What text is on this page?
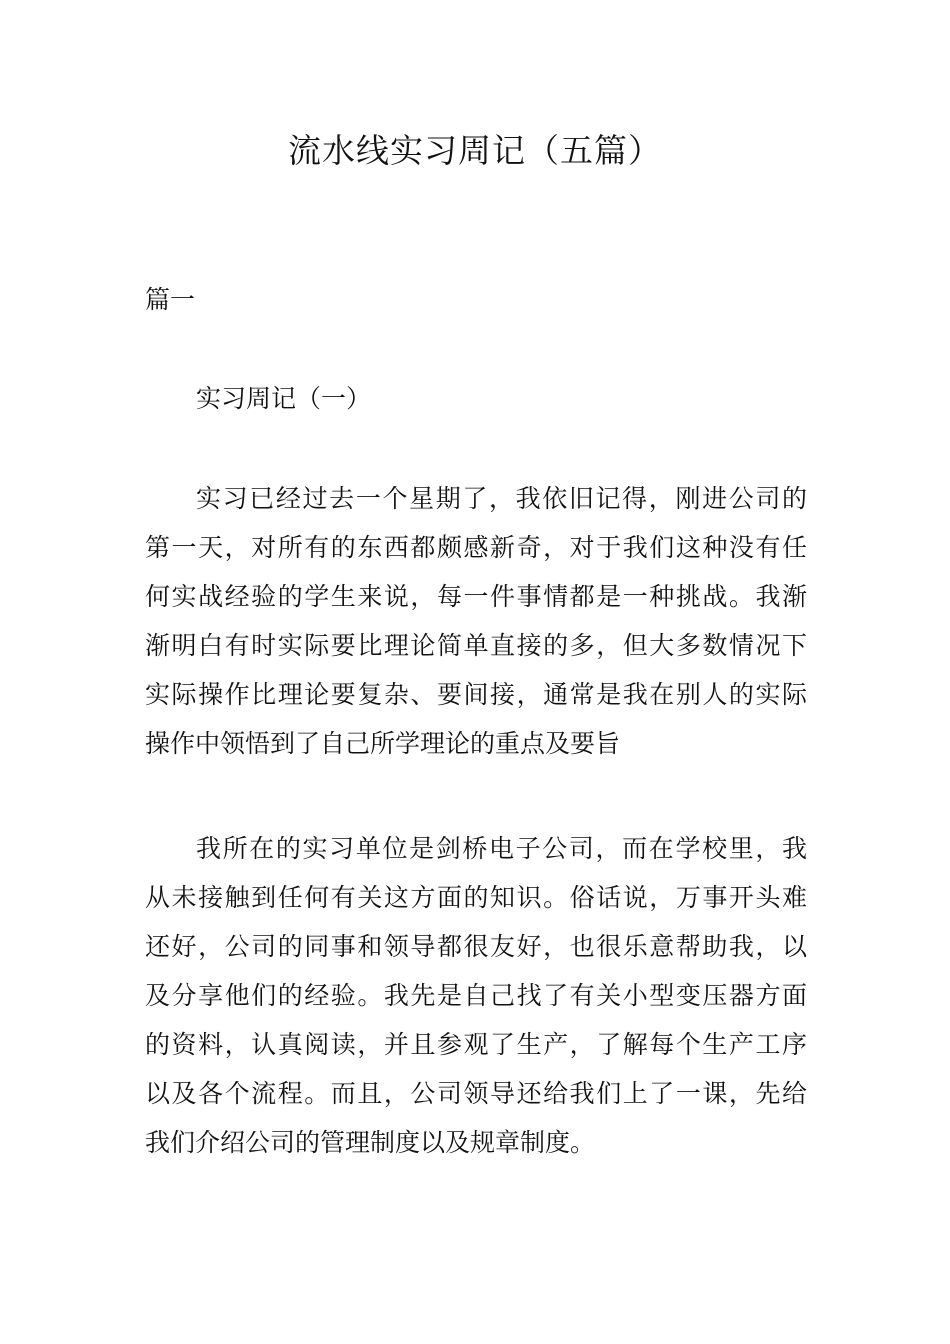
流水线实习周记（五篇）
篇一
实习周记（一）
实习已经过去一个星期了，我依旧记得，刚进公司的
第一天，对所有的东西都颇感新奇，对于我们这种没有任
何实战经验的学生来说，每一件事情都是一种挑战。我渐
渐明白有时实际要比理论简单直接的多，但大多数情况下
实际操作比理论要复杂、要间接，通常是我在别人的实际
操作中领悟到了自己所学理论的重点及要旨
我所在的实习单位是剑桥电子公司，而在学校里，我
从未接触到任何有关这方面的知识。俗话说，万事开头难
还好，公司的同事和领导都很友好，也很乐意帮助我，以
及分享他们的经验。我先是自己找了有关小型变压器方面
的资料，认真阅读，并且参观了生产，了解每个生产工序
以及各个流程。而且，公司领导还给我们上了一课，先给
我们介绍公司的管理制度以及规章制度。
